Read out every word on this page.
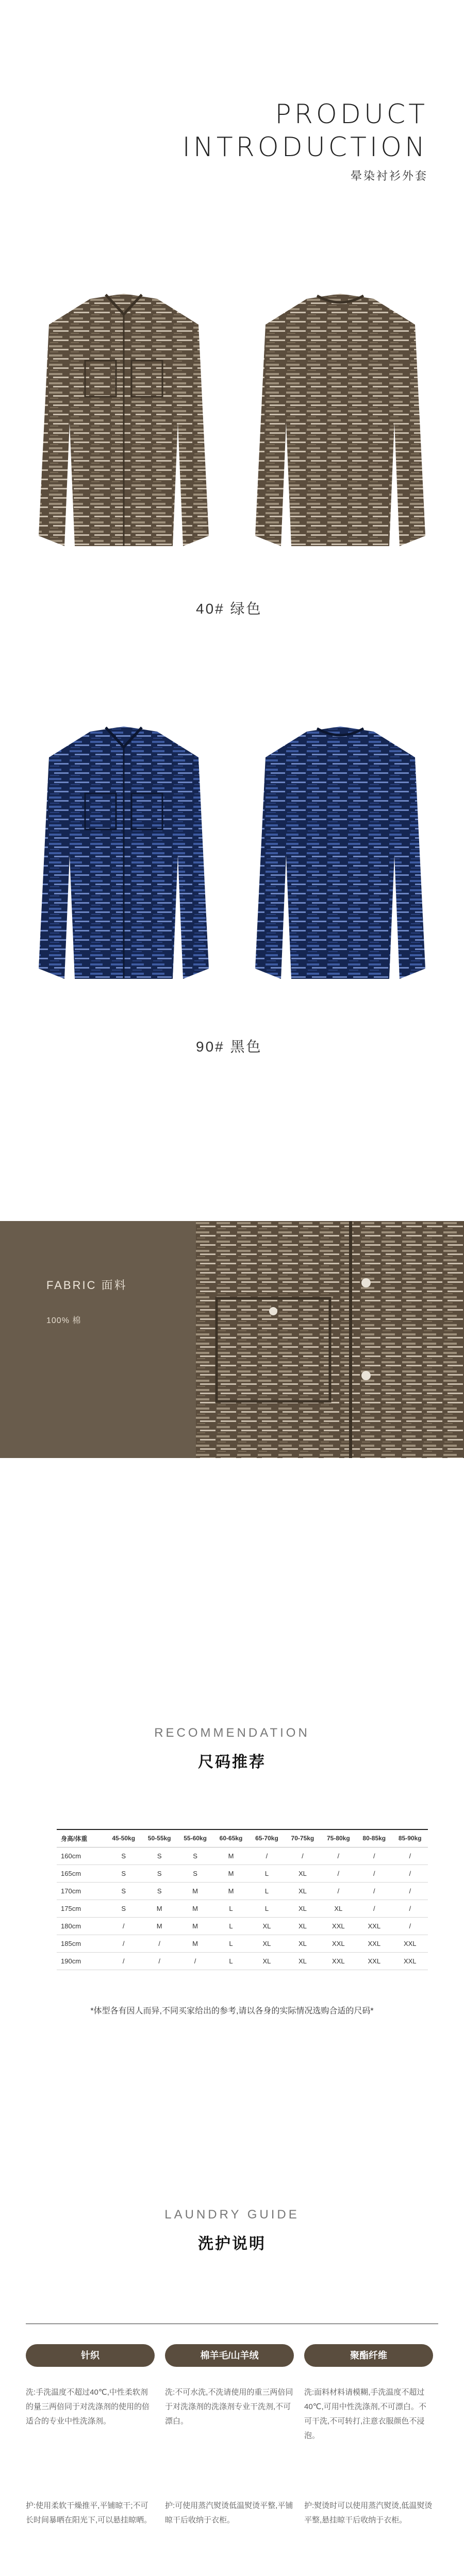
PRODUCT
INTRODUCTION
晕染衬衫外套
40# 绿色
90# 黑色
FABRIC 面料
100% 棉
RECOMMENDATION
尺码推荐
身高/体重	45-50kg	50-55kg	55-60kg	60-65kg	65-70kg	70-75kg	75-80kg	80-85kg	85-90kg
160cm	S	S	S	M	/	/	/	/	/
165cm	S	S	S	M	L	XL	/	/	/
170cm	S	S	M	M	L	XL	/	/	/
175cm	S	M	M	L	L	XL	XL	/	/
180cm	/	M	M	L	XL	XL	XXL	XXL	/
185cm	/	/	M	L	XL	XL	XXL	XXL	XXL
190cm	/	/	/	L	XL	XL	XXL	XXL	XXL
*体型各有因人而异,不同买家给出的参考,请以各身的实际情况选购合适的尺码*
LAUNDRY GUIDE
洗护说明
针织
洗:手洗温度不超过40℃,中性柔软剂的量三两倍同于对洗涤剂的使用的倍适合的专业中性洗涤剂。
护:使用柔软干燥推平,平铺晾干;不可长时间暴晒在阳光下,可以悬挂晾晒。
棉羊毛/山羊绒
洗:不可水洗,不洗请使用的重三两倍同于对洗涤剂的洗涤剂专业干洗剂,不可漂白。
护:可使用蒸汽熨烫低温熨烫平整,平铺晾干后收纳于衣柜。
聚酯纤维
洗:面料材料请模糊,手洗温度不超过40℃,可用中性洗涤剂,不可漂白。不可干洗,不可转打,注意衣服颜色不浸泡。
护:熨烫时可以使用蒸汽熨烫,低温熨烫平整,悬挂晾干后收纳于衣柜。
